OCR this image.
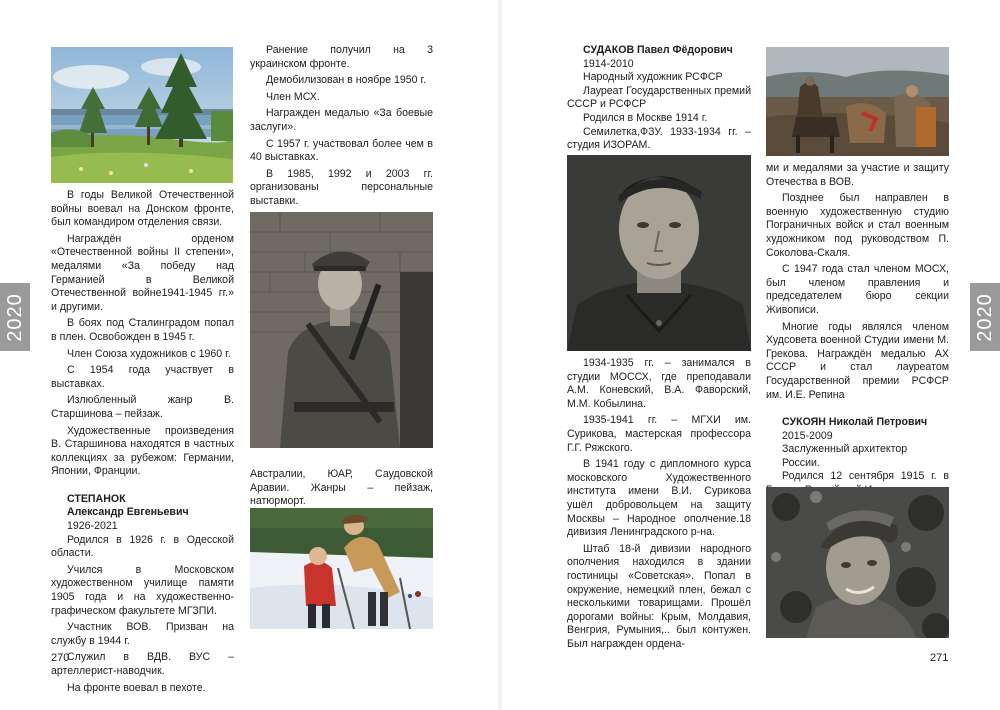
В годы Великой Отечественной войны воевал на Донском фронте, был командиром отделения связи.

Награждён орденом «Отечественной войны II степени», медалями «За победу над Германией в Великой Отечественной войне1941-1945 гг.» и другими.

В боях под Сталинградом попал в плен. Освобожден в 1945 г.

Член Союза художников с 1960 г.

С 1954 года участвует в выставках.

Излюбленный жанр В. Старшинова – пейзаж.

Художественные произведения В. Старшинова находятся в частных коллекциях за рубежом: Германии, Японии, Франции.

СТЕПАНОК
Александр Евгеньевич
1926-2021

Родился в 1926 г. в Одесской области.

Учился в Московском художественном училище памяти 1905 года и на художественно-графическом факультете МГЗПИ.

Участник ВОВ. Призван на службу в 1944 г.

Служил в ВДВ. ВУС – артеллерист-наводчик.

На фронте воевал в пехоте.

Ранение получил на 3 украинском фронте.

Демобилизован в ноябре 1950 г.

Член МСХ.

Награжден медалью «За боевые заслуги».

С 1957 г. участвовал более чем в 40 выставках.

В 1985, 1992 и 2003 гг. организованы персональные выставки.

Австралии, ЮАР, Саудовской Аравии. Жанры – пейзаж, натюрморт.

270
2020
СУДАКОВ Павел Фёдорович
1914-2010
Народный художник РСФСР

Лауреат Государственных премий СССР и РСФСР

Родился в Москве 1914 г.

Семилетка,ФЗУ. 1933-1934 гг. – студия ИЗОРАМ.

1934-1935 гг. – занимался в студии МОССХ, где преподавали А.М. Коневский, В.А. Фаворский, М.М. Кобылина.

1935-1941 гг. – МГХИ им. Сурикова, мастерская профессора Г.Г. Ряжского.

В 1941 году с дипломного курса московского Художественного института имени В.И. Сурикова ушёл добровольцем на защиту Москвы – Народное ополчение.18 дивизия Ленинградского р-на.

Штаб 18-й дивизии народного ополчения находился в здании гостиницы «Советская». Попал в окружение, немецкий плен, бежал с несколькими товарищами. Прошёл дорогами войны: Крым, Молдавия, Венгрия, Румыния,.. был контужен. Был награжден ордена-

ми и медалями за участие и защиту Отечества в ВОВ.

Позднее был направлен в военную художественную студию Пограничных войск и стал военным художником под руководством П. Соколова-Скаля.

С 1947 года стал членом МОСХ, был членом правления и председателем бюро секции Живописи.

Многие годы являлся членом Худсовета военной Студии имени М. Грекова. Награждён медалью АХ СССР и стал лауреатом Государственной премии РСФСР им. И.Е. Репина

СУКОЯН Николай Петрович
2015-2009
Заслуженный архитектор
России.

Родился 12 сентября 1915 г. в

271
2020
